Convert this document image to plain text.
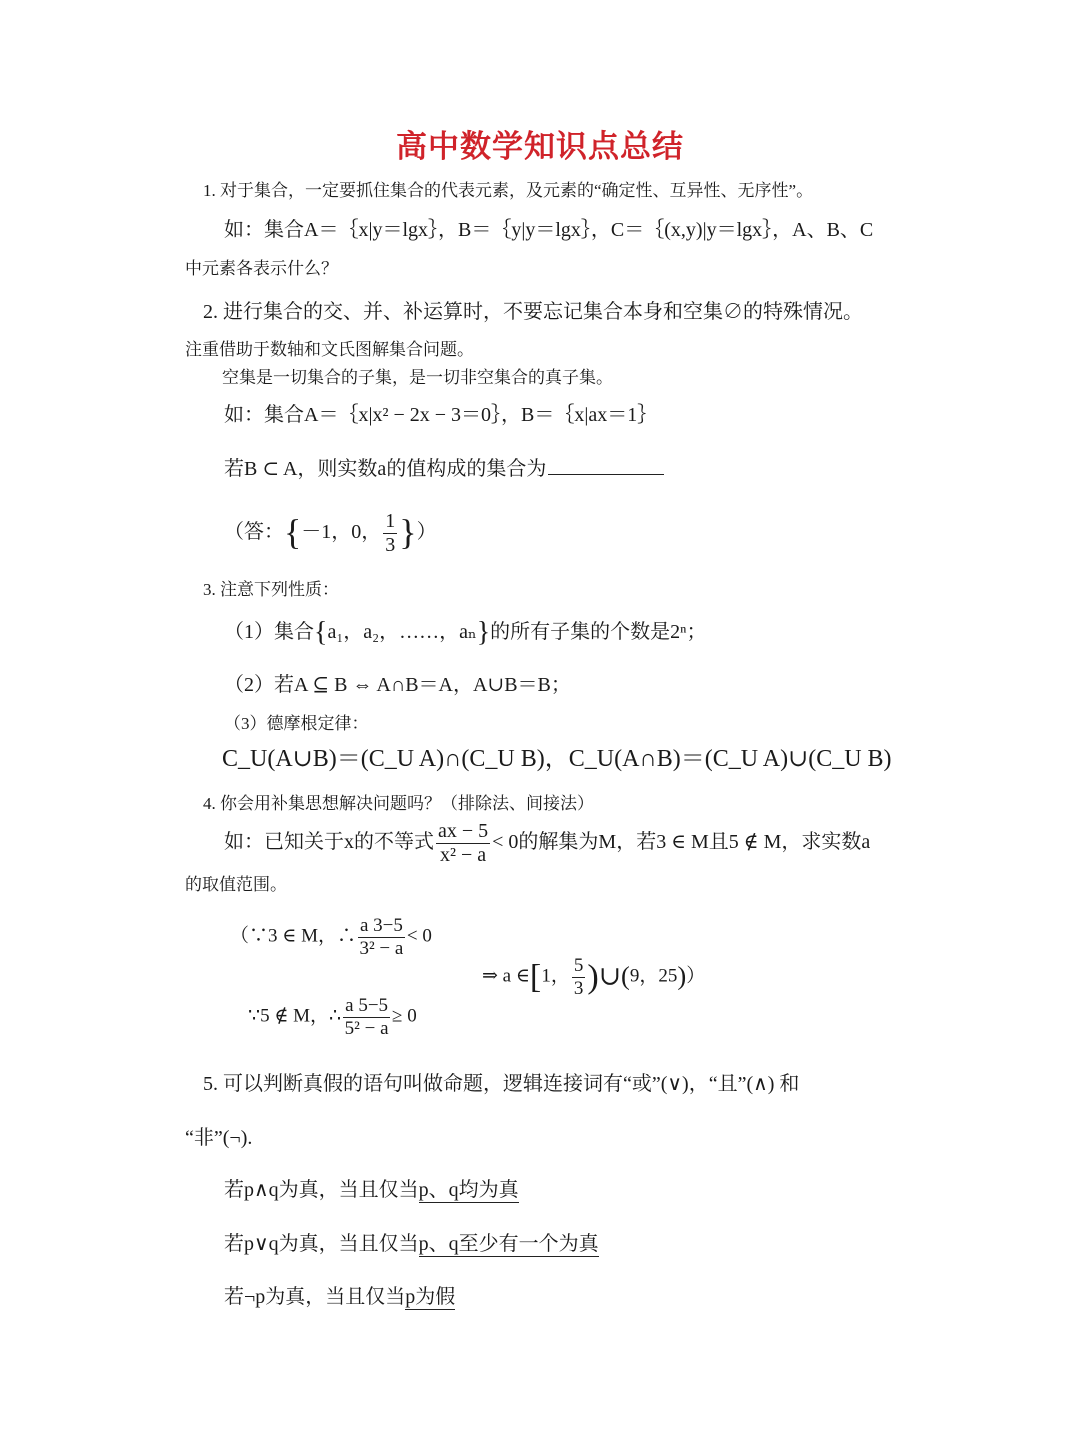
高中数学知识点总结
1. 对于集合，一定要抓住集合的代表元素，及元素的“确定性、互异性、无序性”。
如：集合A＝｛x|y＝lgx｝，B＝｛y|y＝lgx｝，C＝｛(x,y)|y＝lgx｝，A、B、C
中元素各表示什么？
2. 进行集合的交、并、补运算时，不要忘记集合本身和空集∅的特殊情况。
注重借助于数轴和文氏图解集合问题。
空集是一切集合的子集，是一切非空集合的真子集。
如：集合A＝｛x|x² − 2x − 3＝0｝，B＝｛x|ax＝1｝
若B ⊂ A，则实数a的值构成的集合为
（答：{－1，0， $\frac{1}{3}$ }）
3. 注意下列性质：
（1）集合{a₁，a₂，……，aₙ}的所有子集的个数是2ⁿ；
（2）若A ⊆ B ⇔ A∩B＝A，A∪B＝B；
（3）德摩根定律：
C_U(A∪B)＝(C_U A)∩(C_U B)，C_U(A∩B)＝(C_U A)∪(C_U B)
4. 你会用补集思想解决问题吗？（排除法、间接法）
如：已知关于x的不等式 $\frac{ax - 5}{\text{x² − a}} < 0$的解集为M，若3 ∈ M且5 ∉ M，求实数a
的取值范围。
（∵3 ∈ M，∴ $\frac{a 3-5}{\text{3² − a}} < 0$
⇒ a ∈[1， $\frac{5}{3}$ )∪(9，25)）
∵5 ∉ M，∴ $\frac{a 5-5}{\text{5² − a}} \ge 0$
5. 可以判断真假的语句叫做命题，逻辑连接词有“或”(∨)，“且”(∧) 和
“非”(¬).
若p∧q为真，当且仅当p、q均为真
若p∨q为真，当且仅当p、q至少有一个为真
若¬p为真，当且仅当p为假
